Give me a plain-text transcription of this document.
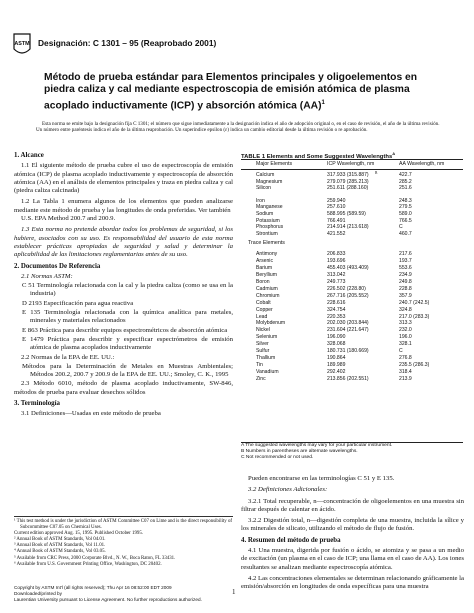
ASTM Designación: C 1301 – 95 (Reaprobado 2001)
Método de prueba estándar para Elementos principales y oligoelementos en piedra caliza y cal mediante espectroscopia de emisión atómica de plasma acoplado inductivamente (ICP) y absorción atómica (AA)$^1$
Esta norma se emite bajo la designación fija C 1301; el número que sigue inmediatamente a la designación indica el año de adopción original o, en el caso de revisión, el año de la última revisión. Un número entre paréntesis indica el año de la última reaprobación. Un superíndice epsilon (ε) indica un cambio editorial desde la última revisión o re aprobación.
1. Alcance

1.1 El siguiente método de prueba cubre el uso de espectroscopía de emisión atómica (ICP) de plasma acoplado inductivamente y espectroscopía de absorción atómica (AA) en el análisis de elementos principales y traza en piedra caliza y cal (piedra caliza calcinada)

1.2 La Tabla 1 enumera algunos de los elementos que pueden analizarse mediante este método de prueba y las longitudes de onda preferidas. Ver también

U.S. EPA Method 200.7 and 200.9.

1.3 Esta norma no pretende abordar todos los problemas de seguridad, si los hubiere, asociados con su uso. Es responsabilidad del usuario de esta norma establecer prácticas apropiadas de seguridad y salud y determinar la aplicabilidad de las limitaciones reglamentarias antes de su uso.

2. Documentos De Referencia

2.1 Normas ASTM:

C 51 Terminología relacionada con la cal y la piedra caliza (como se usa en la industria)

D 2193 Especificación para agua reactiva

E 135 Terminología relacionada con la química analítica para metales, minerales y materiales relacionados

E 863 Práctica para describir equipos espectrométricos de absorción atómica

E 1479 Práctica para describir y especificar espectrómetros de emisión atómica de plasma acoplados inductivamente

2.2 Normas de la EPA de EE. UU.:

Métodos para la Determinación de Metales en Muestras Ambientales; Métodos 200.2, 200.7 y 200.9 de la EPA de EE. UU.; Smoley, C. K., 1995

2.3 Método 6010, método de plasma acoplado inductivamente, SW-846, métodos de prueba para evaluar desechos sólidos

3. Terminología

3.1 Definiciones—Usadas en este método de prueba

¹ This test method is under the jurisdiction of ASTM Committee C07 on Lime and is the direct responsibility of Subcommittee C07.05 on Chemical Uses.
Current edition approved Aug. 15, 1995. Published October 1995.
² Annual Book of ASTM Standards, Vol 04.01.
³ Annual Book of ASTM Standards, Vol 11.01.
⁴ Annual Book of ASTM Standards, Vol 03.05.
⁵ Available from CRC Press, 2000 Corporate Blvd., N. W., Boca Raton, FL 33431.
⁶ Available from U.S. Government Printing Office, Washington, DC 20402.
TABLE 1 Elements and Some Suggested Wavelengths$^A$
Major Elements	ICP Wavelength, nm	AA Wavelength, nm
Calcium	317.933 (315.887) B	422.7
Magnesium	279.079 (285.213)	285.2
Silicon	251.611 (288.160)	251.6
Iron	259.940	248.3
Manganese	257.610	279.5
Sodium	588.995 (589.59)	589.0
Potassium	766.491	766.5
Phosphorus	214.914 (213.618)	C
Strontium	421.552	460.7
Trace Elements
Antimony	206.833	217.6
Arsenic	193.696	193.7
Barium	455.403 (493.409)	553.6
Beryllium	313.042	234.9
Boron	249.773	249.8
Cadmium	226.502 (228.80)	228.8
Chromium	267.716 (205.552)	357.9
Cobalt	228.616	240.7 (242.5)
Copper	324.754	324.8
Lead	220.353	217.0 (283.3)
Molybdenum	202.030 (203.844)	313.3
Nickel	231.604 (221.647)	232.0
Selenium	196.090	196.0
Silver	328.068	328.1
Sulfur	180.731 (180.669)	C
Thallium	190.864	276.8
Tin	189.989	235.5 (286.3)
Vanadium	292.402	318.4
Zinc	213.856 (202.551)	213.9
A The suggested wavelengths may vary for your particular instrument.
B Numbers in parentheses are alternate wavelengths.
C Not recommended or not used.

Pueden encontrarse en las terminologías C 51 y E 135.

3.2 Definiciones Adicionales:

3.2.1 Total recuperable, n—concentración de oligoelementos en una muestra sin filtrar después de calentar en ácido.

3.2.2 Digestión total, n—digestión completa de una muestra, incluida la sílice y los minerales de silicato, utilizando el método de flujo de fusión.

4. Resumen del método de prueba

4.1 Una muestra, digerida por fusión o ácido, se atomiza y se pasa a un medio de excitación (un plasma en el caso de ICP; una llama en el caso de AA). Los iones resultantes se analizan mediante espectroscopía atómica.

4.2 Las concentraciones elementales se determinan relacionando gráficamente la emisión/absorción en longitudes de onda específicas para una muestra

Copyright by ASTM Int'l (all rights reserved); Thu Apr 16 08:52:00 EDT 2009
Downloaded/printed by
Laurentian University pursuant to License Agreement. No further reproductions authorized.
1
